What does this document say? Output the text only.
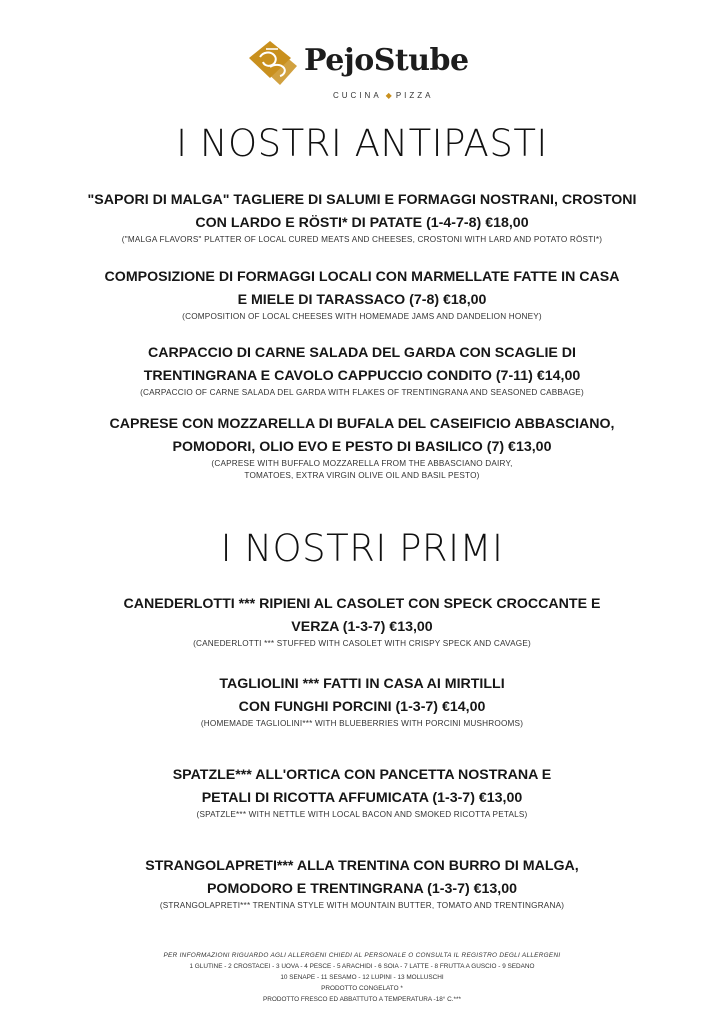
PejoStube
CUCINA ◆ PIZZA
I NOSTRI ANTIPASTI
"SAPORI DI MALGA" TAGLIERE DI SALUMI E FORMAGGI NOSTRANI, CROSTONI
CON LARDO E RÖSTI* DI PATATE (1-4-7-8) €18,00
("MALGA FLAVORS" PLATTER OF LOCAL CURED MEATS AND CHEESES, CROSTONI WITH LARD AND POTATO RÖSTI*)
COMPOSIZIONE DI FORMAGGI LOCALI CON MARMELLATE FATTE IN CASA
E MIELE DI TARASSACO (7-8) €18,00
(COMPOSITION OF LOCAL CHEESES WITH HOMEMADE JAMS AND DANDELION HONEY)
CARPACCIO DI CARNE SALADA DEL GARDA CON SCAGLIE DI
TRENTINGRANA E CAVOLO CAPPUCCIO CONDITO (7-11) €14,00
(CARPACCIO OF CARNE SALADA DEL GARDA WITH FLAKES OF TRENTINGRANA AND SEASONED CABBAGE)
CAPRESE CON MOZZARELLA DI BUFALA DEL CASEIFICIO ABBASCIANO,
POMODORI, OLIO EVO E PESTO DI BASILICO (7) €13,00
(CAPRESE WITH BUFFALO MOZZARELLA FROM THE ABBASCIANO DAIRY,
TOMATOES, EXTRA VIRGIN OLIVE OIL AND BASIL PESTO)
I NOSTRI PRIMI
CANEDERLOTTI *** RIPIENI AL CASOLET CON SPECK CROCCANTE E
VERZA (1-3-7) €13,00
(CANEDERLOTTI *** STUFFED WITH CASOLET WITH CRISPY SPECK AND CAVAGE)
TAGLIOLINI *** FATTI IN CASA AI MIRTILLI
CON FUNGHI PORCINI (1-3-7) €14,00
(HOMEMADE TAGLIOLINI*** WITH BLUEBERRIES WITH PORCINI MUSHROOMS)
SPATZLE*** ALL'ORTICA CON PANCETTA NOSTRANA E
PETALI DI RICOTTA AFFUMICATA (1-3-7) €13,00
(SPATZLE*** WITH NETTLE WITH LOCAL BACON AND SMOKED RICOTTA PETALS)
STRANGOLAPRETI*** ALLA TRENTINA CON BURRO DI MALGA,
POMODORO E TRENTINGRANA (1-3-7) €13,00
(STRANGOLAPRETI*** TRENTINA STYLE WITH MOUNTAIN BUTTER, TOMATO AND TRENTINGRANA)
PER INFORMAZIONI RIGUARDO AGLI ALLERGENI CHIEDI AL PERSONALE O CONSULTA IL REGISTRO DEGLI ALLERGENI
1 GLUTINE - 2 CROSTACEI - 3 UOVA - 4 PESCE - 5 ARACHIDI - 6 SOIA - 7 LATTE - 8 FRUTTA A GUSCIO - 9 SEDANO
10 SENAPE - 11 SESAMO - 12 LUPINI - 13 MOLLUSCHI
PRODOTTO CONGELATO *
PRODOTTO FRESCO ED ABBATTUTO A TEMPERATURA -18° C.***
